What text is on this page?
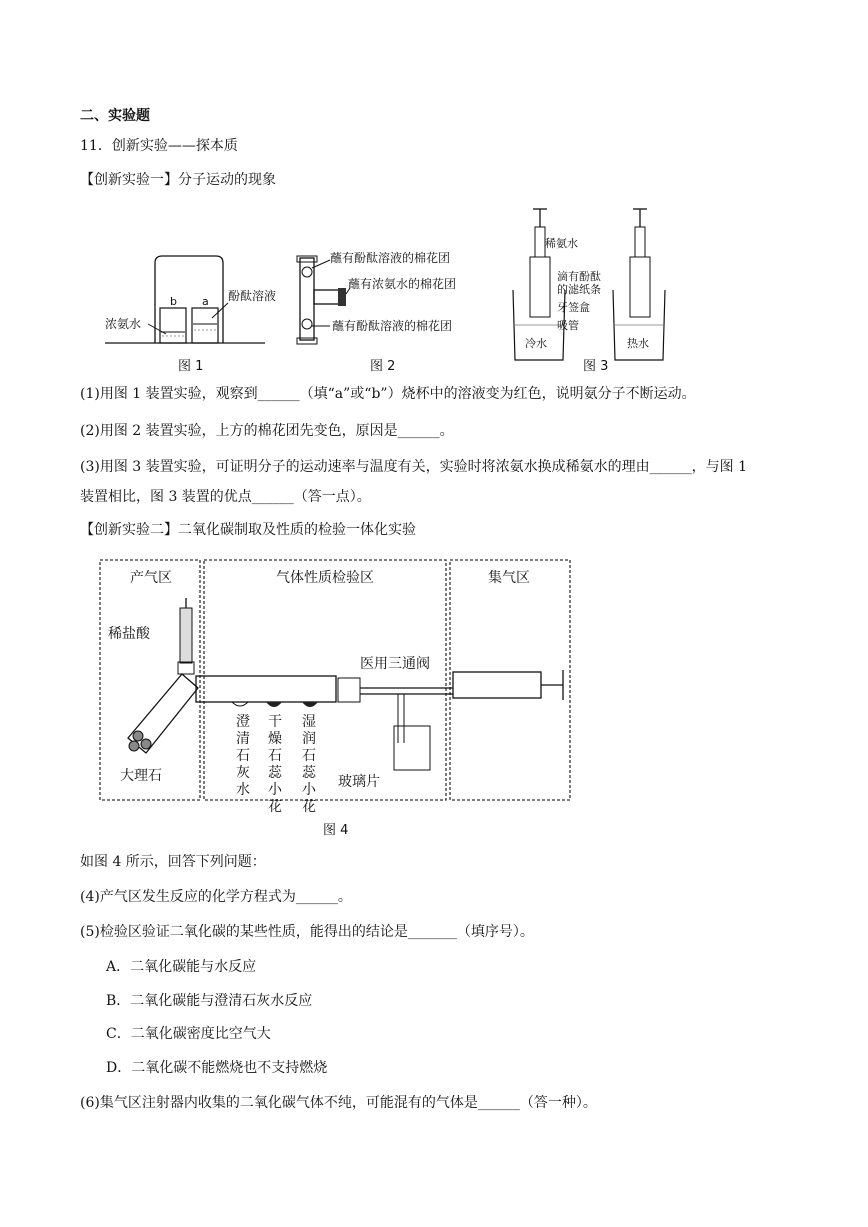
二、实验题
11．创新实验——探本质
【创新实验一】分子运动的现象
b a 酚酞溶液
浓氨水
图 1
蘸有酚酞溶液的棉花团
蘸有浓氨水的棉花团
蘸有酚酞溶液的棉花团
图 2
稀氨水
滴有酚酞
的滤纸条
牙签盒
吸管
冷水	热水
图 3
(1)用图 1 装置实验，观察到______（填“a”或“b”）烧杯中的溶液变为红色，说明氨分子不断运动。
(2)用图 2 装置实验，上方的棉花团先变色，原因是______。
(3)用图 3 装置实验，可证明分子的运动速率与温度有关，实验时将浓氨水换成稀氨水的理由______，与图 1
装置相比，图 3 装置的优点______（答一点）。
【创新实验二】二氧化碳制取及性质的检验一体化实验
产气区	气体性质检验区	集气区
稀盐酸
大理石
医用三通阀
玻璃片
澄清石灰水
干燥石蕊小花
湿润石蕊小花
图 4
如图 4 所示，回答下列问题：
(4)产气区发生反应的化学方程式为______。
(5)检验区验证二氧化碳的某些性质，能得出的结论是_______（填序号）。
A．二氧化碳能与水反应
B．二氧化碳能与澄清石灰水反应
C．二氧化碳密度比空气大
D．二氧化碳不能燃烧也不支持燃烧
(6)集气区注射器内收集的二氧化碳气体不纯，可能混有的气体是______（答一种）。
